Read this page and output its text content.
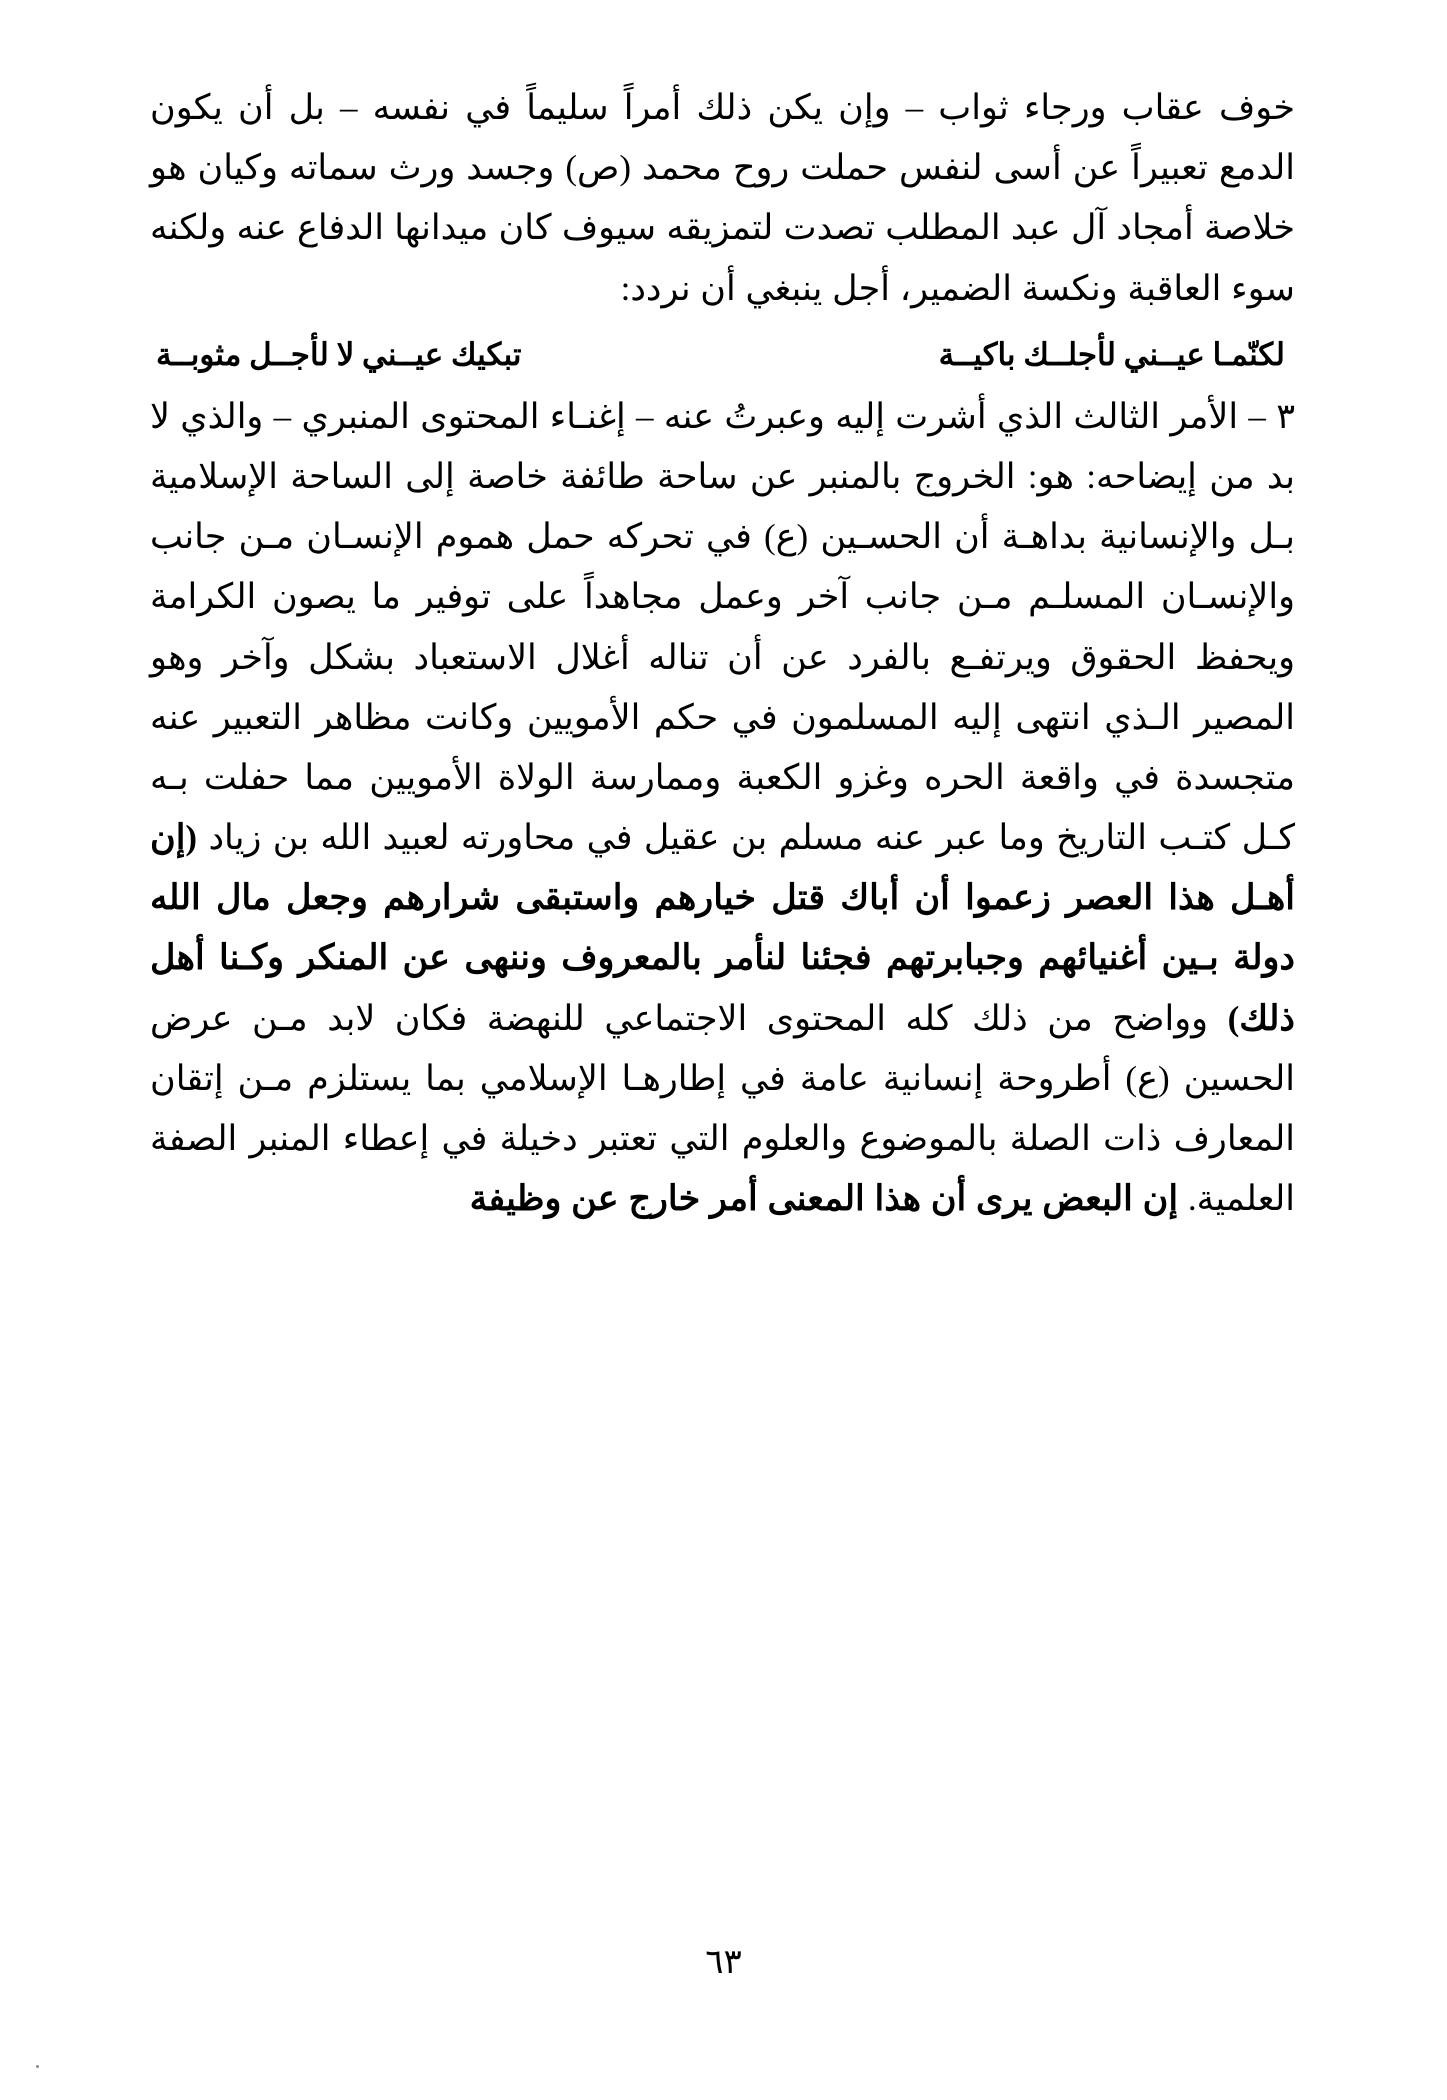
خوف عقاب ورجاء ثواب – وإن يكن ذلك أمراً سليماً في نفسه – بل أن يكون الدمع تعبيراً عن أسى لنفس حملت روح محمد (ص) وجسد ورث سماته وكيان هو خلاصة أمجاد آل عبد المطلب تصدت لتمزيقه سيوف كان ميدانها الدفاع عنه ولكنه سوء العاقبة ونكسة الضمير، أجل ينبغي أن نردد:

تبكيك عيــني لا لأجــل مثوبــة	لكنّمـا عيــني لأجلــك باكيــة

٣ – الأمر الثالث الذي أشرت إليه وعبرتُ عنه – إغنـاء المحتوى المنبري – والذي لا بد من إيضاحه: هو: الخروج بالمنبر عن ساحة طائفة خاصة إلى الساحة الإسلامية بـل والإنسانية بداهـة أن الحسـين (ع) في تحركه حمل هموم الإنسـان مـن جانب والإنسـان المسلـم مـن جانب آخر وعمل مجاهداً على توفير ما يصون الكرامة ويحفظ الحقوق ويرتفـع بالفرد عن أن تناله أغلال الاستعباد بشكل وآخر وهو المصير الـذي انتهى إليه المسلمون في حكم الأمويين وكانت مظاهر التعبير عنه متجسدة في واقعة الحره وغزو الكعبة وممارسة الولاة الأمويين مما حفلت بـه كـل كتـب التاريخ وما عبر عنه مسلم بن عقيل في محاورته لعبيد الله بن زياد (إن أهـل هذا العصر زعموا أن أباك قتل خيارهم واستبقى شرارهم وجعل مال الله دولة بـين أغنيائهم وجبابرتهم فجئنا لنأمر بالمعروف وننهى عن المنكر وكـنا أهل ذلك) وواضح من ذلك كله المحتوى الاجتماعي للنهضة فكان لابد مـن عرض الحسين (ع) أطروحة إنسانية عامة في إطارهـا الإسلامي بما يستلزم مـن إتقان المعارف ذات الصلة بالموضوع والعلوم التي تعتبر دخيلة في إعطاء المنبر الصفة العلمية. إن البعض يرى أن هذا المعنى أمر خارج عن وظيفة

٦٣
